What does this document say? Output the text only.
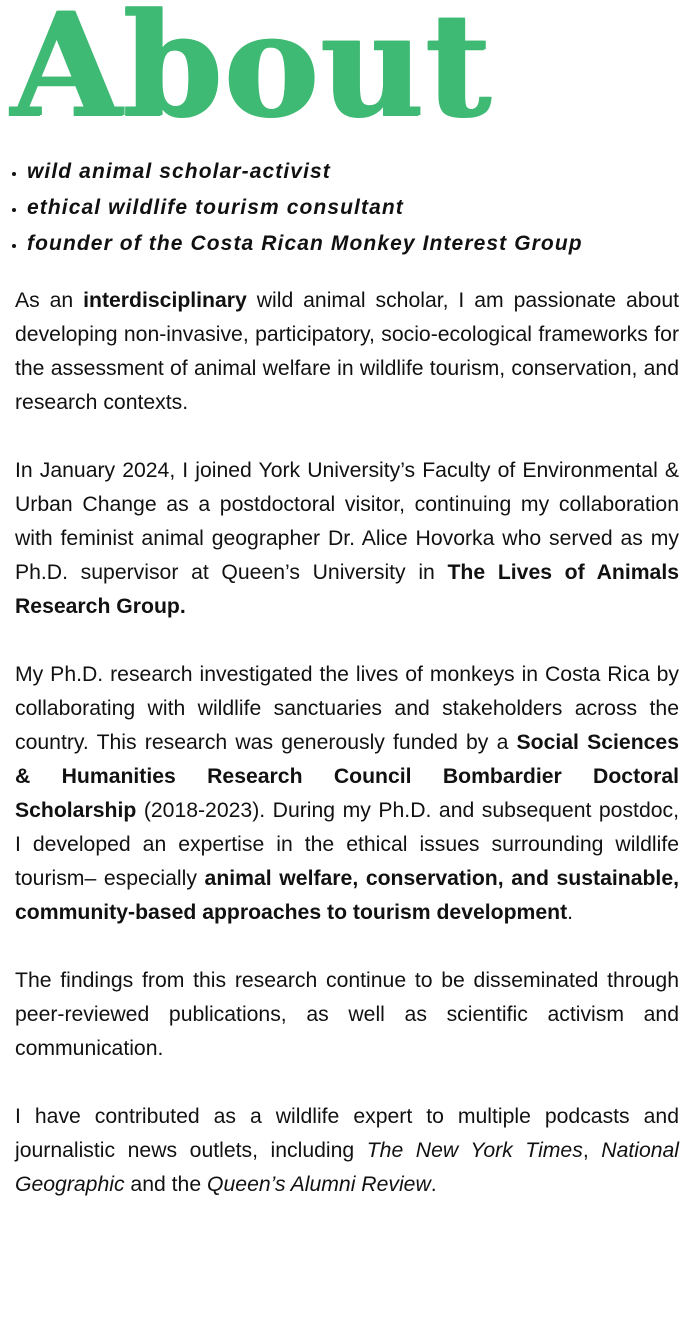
About
• wild animal scholar-activist
• ethical wildlife tourism consultant
• founder of the Costa Rican Monkey Interest Group

As an interdisciplinary wild animal scholar, I am passionate about developing non-invasive, participatory, socio-ecological frameworks for the assessment of animal welfare in wildlife tourism, conservation, and research contexts.

In January 2024, I joined York University’s Faculty of Environmental & Urban Change as a postdoctoral visitor, continuing my collaboration with feminist animal geographer Dr. Alice Hovorka who served as my Ph.D. supervisor at Queen’s University in The Lives of Animals Research Group.

My Ph.D. research investigated the lives of monkeys in Costa Rica by collaborating with wildlife sanctuaries and stakeholders across the country. This research was generously funded by a Social Sciences & Humanities Research Council Bombardier Doctoral Scholarship (2018-2023). During my Ph.D. and subsequent postdoc, I developed an expertise in the ethical issues surrounding wildlife tourism– especially animal welfare, conservation, and sustainable, community-based approaches to tourism development.

The findings from this research continue to be disseminated through peer-reviewed publications, as well as scientific activism and communication.

I have contributed as a wildlife expert to multiple podcasts and journalistic news outlets, including The New York Times, National Geographic and the Queen’s Alumni Review.
